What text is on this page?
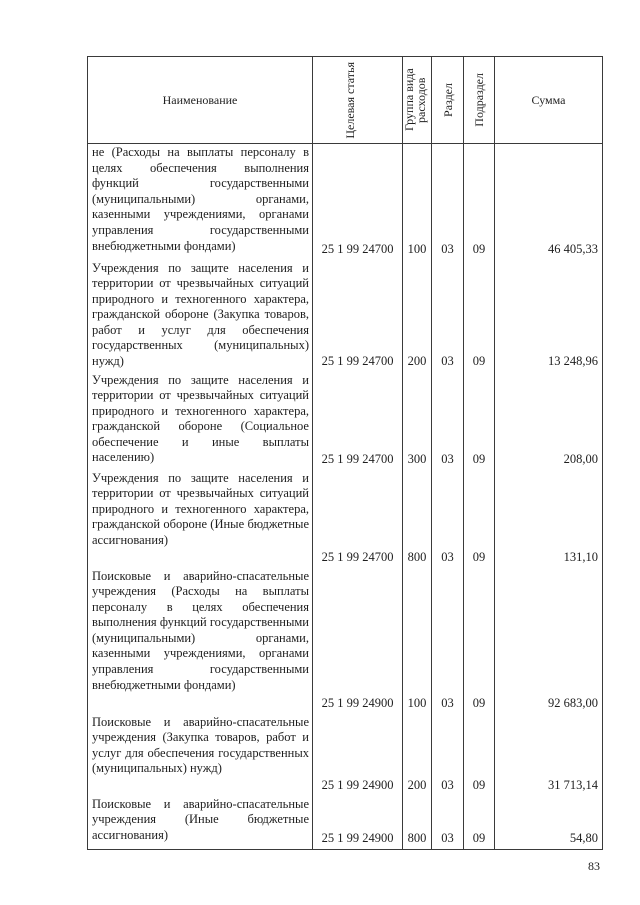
Наименование	Целевая статья	Группа вида расходов	Раздел	Подраздел	Сумма
не (Расходы на выплаты персоналу в целях обеспечения выполнения функций государственными (муниципальными) органами, казенными учреждениями, органами управления государственными внебюджетными фондами)	25 1 99 24700	100	03	09	46 405,33
Учреждения по защите населения и территории от чрезвычайных ситуаций природного и техногенного характера, гражданской обороне (Закупка товаров, работ и услуг для обеспечения государственных (муниципальных) нужд)	25 1 99 24700	200	03	09	13 248,96
Учреждения по защите населения и территории от чрезвычайных ситуаций природного и техногенного характера, гражданской обороне (Социальное обеспечение и иные выплаты населению)	25 1 99 24700	300	03	09	208,00
Учреждения по защите населения и территории от чрезвычайных ситуаций природного и техногенного характера, гражданской обороне (Иные бюджетные ассигнования)	25 1 99 24700	800	03	09	131,10
Поисковые и аварийно-спасательные учреждения (Расходы на выплаты персоналу в целях обеспечения выполнения функций государственными (муниципальными) органами, казенными учреждениями, органами управления государственными внебюджетными фондами)	25 1 99 24900	100	03	09	92 683,00
Поисковые и аварийно-спасательные учреждения (Закупка товаров, работ и услуг для обеспечения государственных (муниципальных) нужд)	25 1 99 24900	200	03	09	31 713,14
Поисковые и аварийно-спасательные учреждения (Иные бюджетные ассигнования)	25 1 99 24900	800	03	09	54,80
83
